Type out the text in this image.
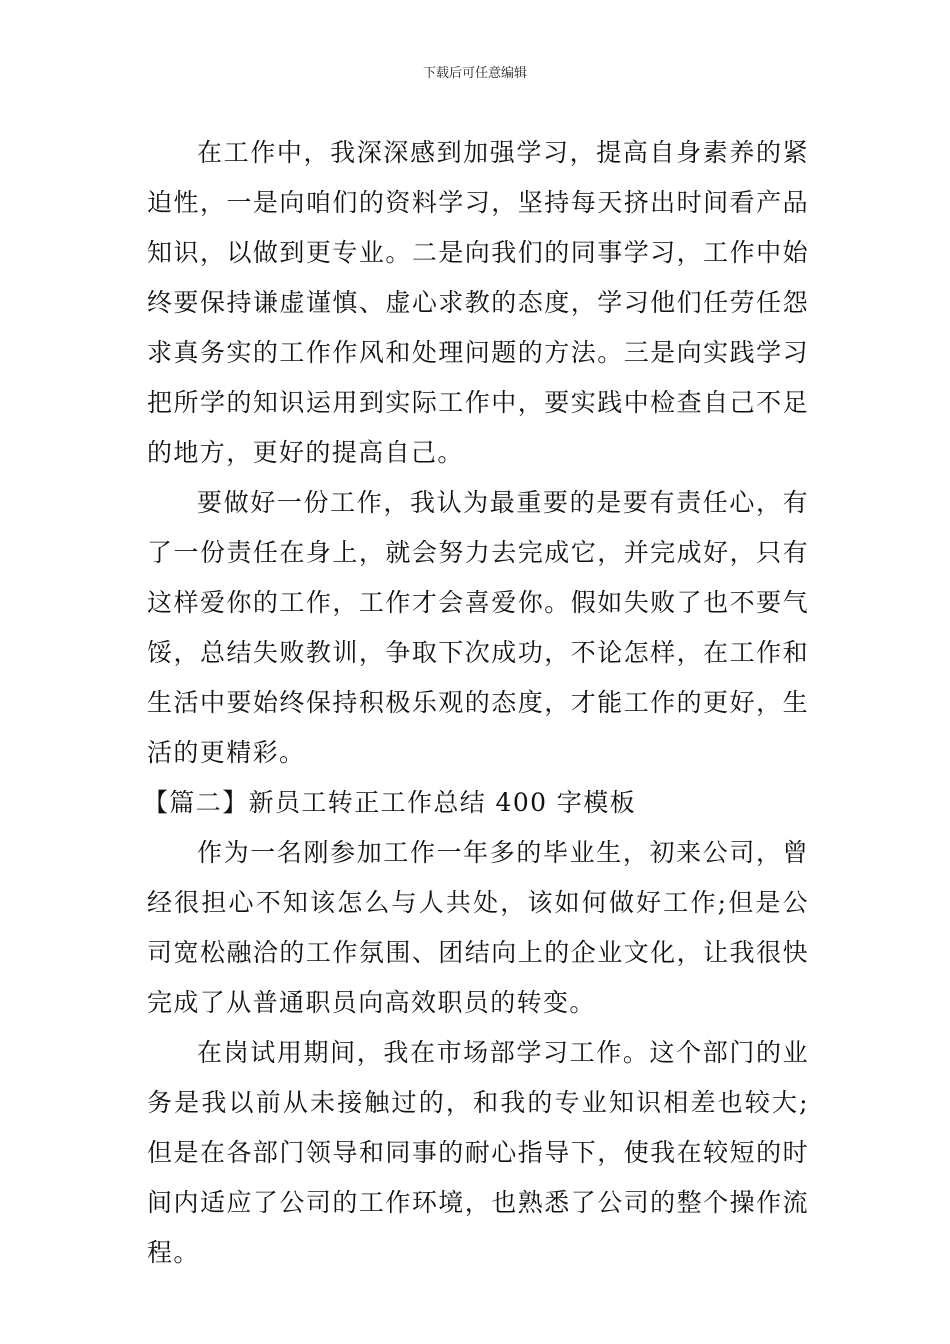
下载后可任意编辑

在工作中，我深深感到加强学习，提高自身素养的紧迫性，一是向咱们的资料学习，坚持每天挤出时间看产品知识，以做到更专业。二是向我们的同事学习，工作中始终要保持谦虚谨慎、虚心求教的态度，学习他们任劳任怨求真务实的工作作风和处理问题的方法。三是向实践学习把所学的知识运用到实际工作中，要实践中检查自己不足的地方，更好的提高自己。

要做好一份工作，我认为最重要的是要有责任心，有了一份责任在身上，就会努力去完成它，并完成好，只有这样爱你的工作，工作才会喜爱你。假如失败了也不要气馁，总结失败教训，争取下次成功，不论怎样，在工作和生活中要始终保持积极乐观的态度，才能工作的更好，生活的更精彩。

【篇二】新员工转正工作总结 400 字模板

作为一名刚参加工作一年多的毕业生，初来公司，曾经很担心不知该怎么与人共处，该如何做好工作;但是公司宽松融洽的工作氛围、团结向上的企业文化，让我很快完成了从普通职员向高效职员的转变。

在岗试用期间，我在市场部学习工作。这个部门的业务是我以前从未接触过的，和我的专业知识相差也较大;但是在各部门领导和同事的耐心指导下，使我在较短的时间内适应了公司的工作环境，也熟悉了公司的整个操作流程。
